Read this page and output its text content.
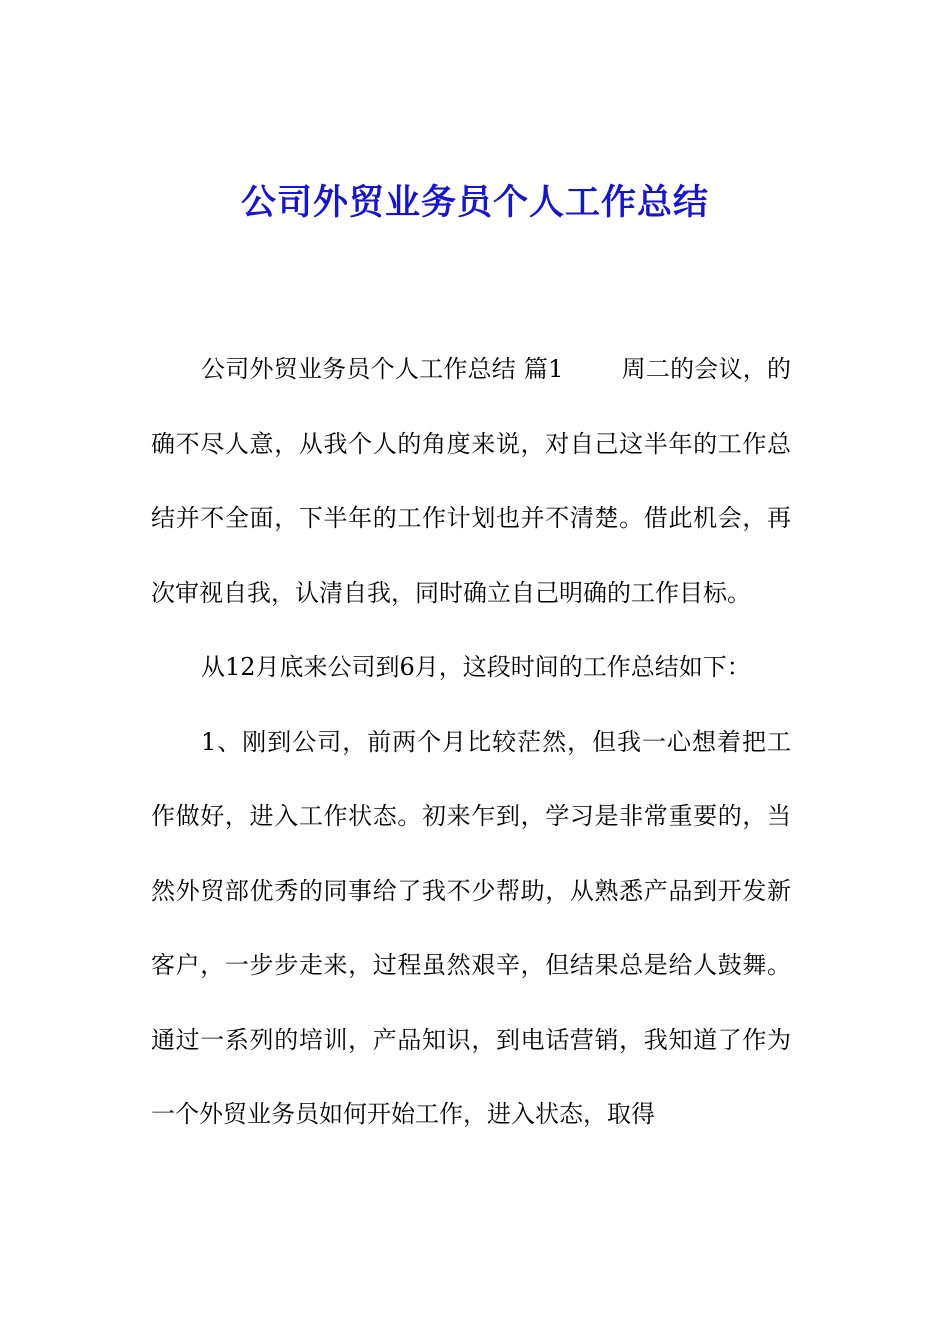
公司外贸业务员个人工作总结

公司外贸业务员个人工作总结 篇1 周二的会议，的确不尽人意，从我个人的角度来说，对自己这半年的工作总结并不全面，下半年的工作计划也并不清楚。借此机会，再次审视自我，认清自我，同时确立自己明确的工作目标。

从12月底来公司到6月，这段时间的工作总结如下：

1、刚到公司，前两个月比较茫然，但我一心想着把工作做好，进入工作状态。初来乍到，学习是非常重要的，当然外贸部优秀的同事给了我不少帮助，从熟悉产品到开发新客户，一步步走来，过程虽然艰辛，但结果总是给人鼓舞。通过一系列的培训，产品知识，到电话营销，我知道了作为一个外贸业务员如何开始工作，进入状态，取得
